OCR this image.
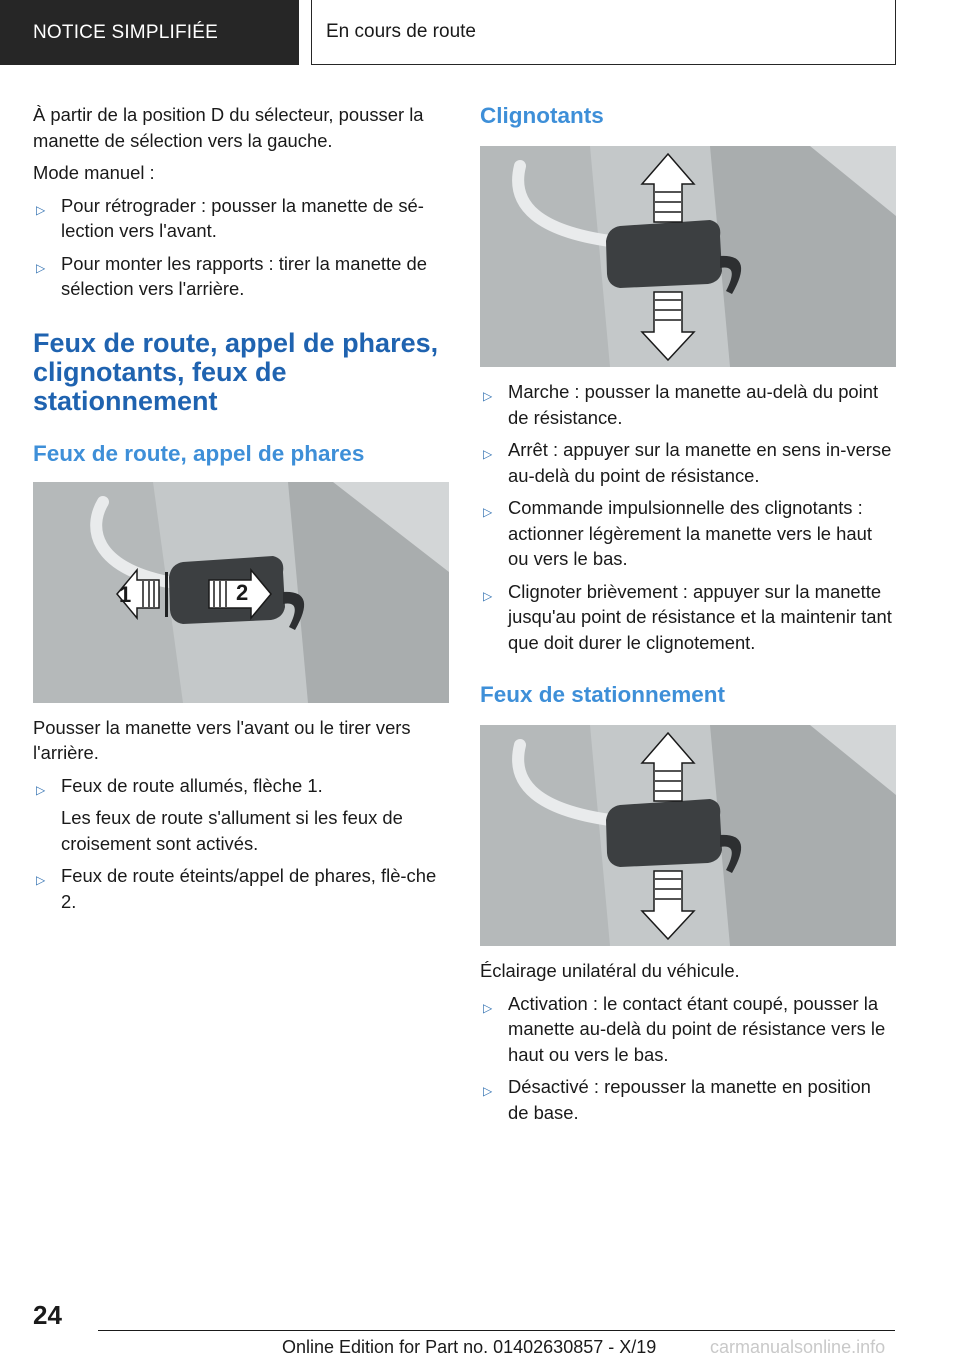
NOTICE SIMPLIFIÉE	En cours de route

À partir de la position D du sélecteur, pousser la manette de sélection vers la gauche.

Mode manuel :

▷ Pour rétrograder : pousser la manette de sé-lection vers l'avant.
▷ Pour monter les rapports : tirer la manette de sélection vers l'arrière.
Feux de route, appel de phares, clignotants, feux de stationnement
Feux de route, appel de phares
1	2

Pousser la manette vers l'avant ou le tirer vers l'arrière.

▷ Feux de route allumés, flèche 1.
Les feux de route s'allument si les feux de croisement sont activés.
▷ Feux de route éteints/appel de phares, flè-che 2.
Clignotants
▷ Marche : pousser la manette au-delà du point de résistance.
▷ Arrêt : appuyer sur la manette en sens in-verse au-delà du point de résistance.
▷ Commande impulsionnelle des clignotants : actionner légèrement la manette vers le haut ou vers le bas.
▷ Clignoter brièvement : appuyer sur la manette jusqu'au point de résistance et la maintenir tant que doit durer le clignotement.
Feux de stationnement

Éclairage unilatéral du véhicule.

▷ Activation : le contact étant coupé, pousser la manette au-delà du point de résistance vers le haut ou vers le bas.
▷ Désactivé : repousser la manette en position de base.
24
Online Edition for Part no. 01402630857 - X/19	carmanualsonline.info
